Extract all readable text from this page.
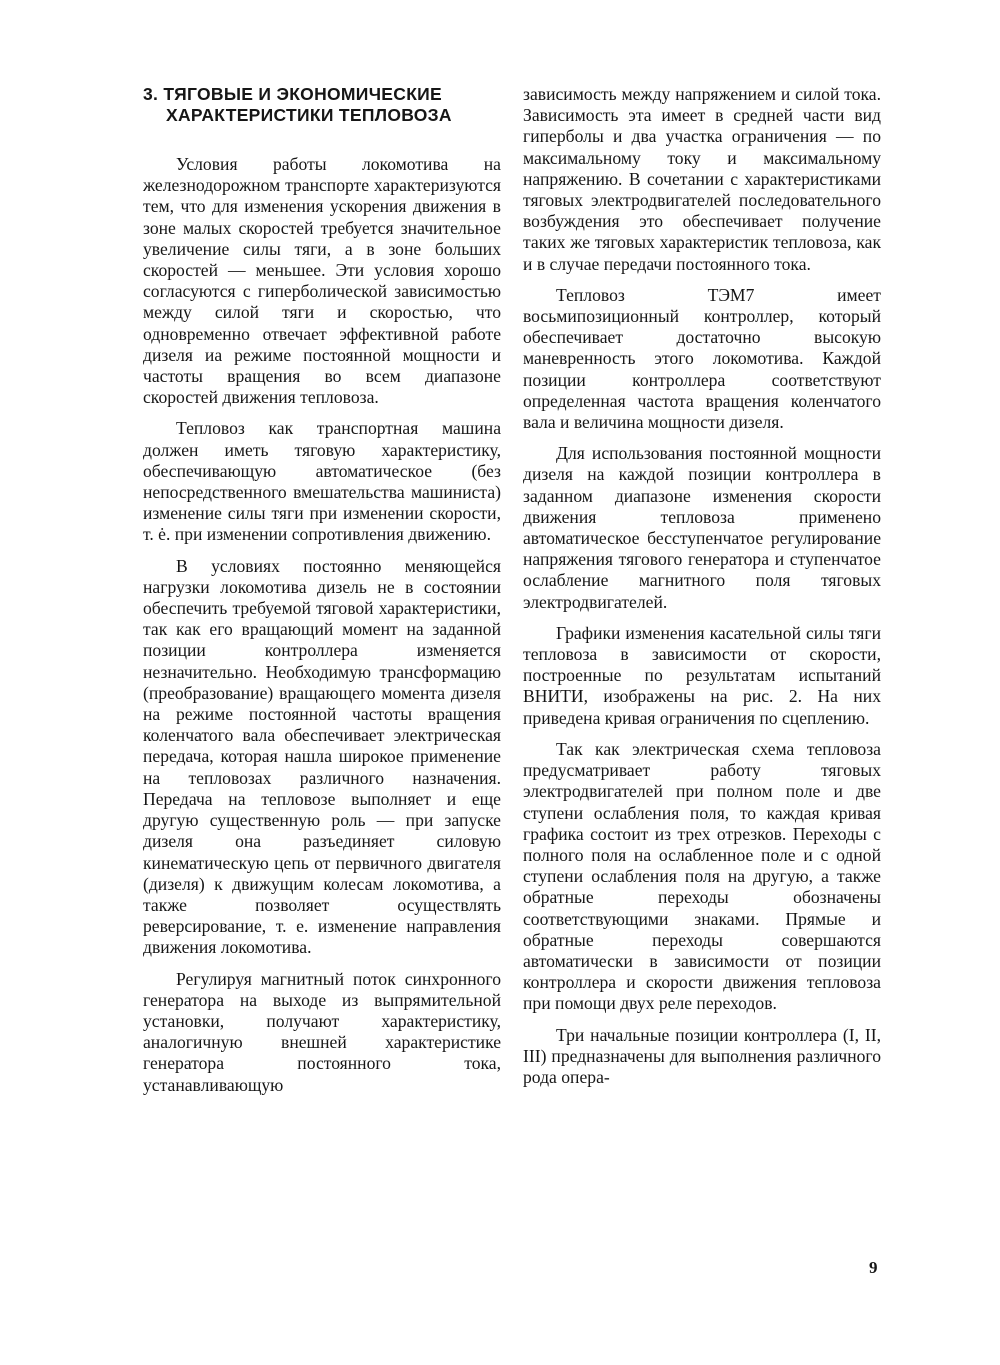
3. ТЯГОВЫЕ И ЭКОНОМИЧЕСКИЕ
ХАРАКТЕРИСТИКИ ТЕПЛОВОЗА

Условия работы локомотива на железнодорожном транспорте характеризуются тем, что для изменения ускорения движения в зоне малых скоростей требуется значительное увеличение силы тяги, а в зоне больших скоростей — меньшее. Эти условия хорошо согласуются с гиперболической зависимостью между силой тяги и скоростью, что одновременно отвечает эффективной работе дизеля иа режиме постоянной мощности и частоты вращения во всем диапазоне скоростей движения тепловоза.

Тепловоз как транспортная машина должен иметь тяговую характеристику, обеспечивающую автоматическое (без непосредственного вмешательства машиниста) изменение силы тяги при изменении скорости, т. ė. при изменении сопротивления движению.

В условиях постоянно меняющейся нагрузки локомотива дизель не в состоянии обеспечить требуемой тяговой характеристики, так как его вращающий момент на заданной позиции контроллера изменяется незначительно. Необходимую трансформацию (преобразование) вращающего момента дизеля на режиме постоянной частоты вращения коленчатого вала обеспечивает электрическая передача, которая нашла широкое применение на тепловозах различного назначения. Передача на тепловозе выполняет и еще другую существенную роль — при запуске дизеля она разъединяет силовую кинематическую цепь от первичного двигателя (дизеля) к движущим колесам локомотива, а также позволяет осуществлять реверсирование, т. е. изменение направления движения локомотива.

Регулируя магнитный поток синхронного генератора на выходе из выпрямительной установки, получают характеристику, аналогичную внешней характеристике генератора постоянного тока, устанавливающую

зависимость между напряжением и силой тока. Зависимость эта имеет в средней части вид гиперболы и два участка ограничения — по максимальному току и максимальному напряжению. В сочетании с характеристиками тяговых электродвигателей последовательного возбуждения это обеспечивает получение таких же тяговых характеристик тепловоза, как и в случае передачи постоянного тока.

Тепловоз ТЭМ7 имеет восьмипозиционный контроллер, который обеспечивает достаточно высокую маневренность этого локомотива. Каждой позиции контроллера соответствуют определенная частота вращения коленчатого вала и величина мощности дизеля.

Для использования постоянной мощности дизеля на каждой позиции контроллера в заданном диапазоне изменения скорости движения тепловоза применено автоматическое бесступенчатое регулирование напряжения тягового генератора и ступенчатое ослабление магнитного поля тяговых электродвигателей.

Графики изменения касательной силы тяги тепловоза в зависимости от скорости, построенные по результатам испытаний ВНИТИ, изображены на рис. 2. На них приведена кривая ограничения по сцеплению.

Так как электрическая схема тепловоза предусматривает работу тяговых электродвигателей при полном поле и две ступени ослабления поля, то каждая кривая графика состоит из трех отрезков. Переходы с полного поля на ослабленное поле и с одной ступени ослабления поля на другую, а также обратные переходы обозначены соответствующими знаками. Прямые и обратные переходы совершаются автоматически в зависимости от позиции контроллера и скорости движения тепловоза при помощи двух реле переходов.

Три начальные позиции контроллера (I, II, III) предназначены для выполнения различного рода опера-

9
